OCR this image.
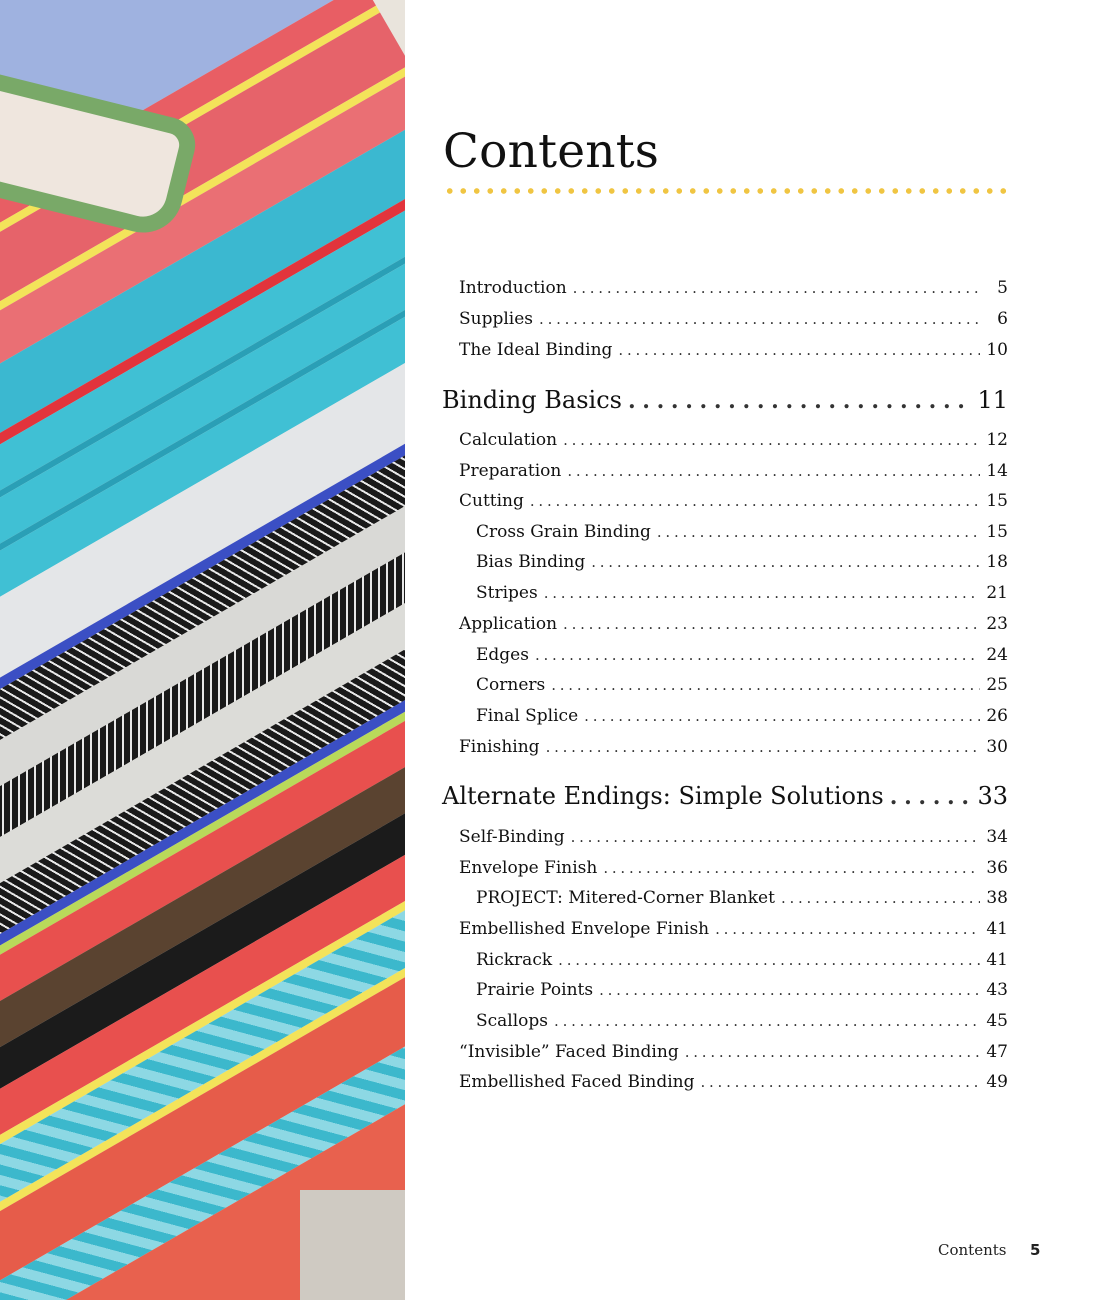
Contents
Introduction . . .	5
Supplies . . .	6
The Ideal Binding . . .	10
Binding Basics . . .	11
Calculation . . .	12
Preparation . . .	14
Cutting . . .	15
Cross Grain Binding . . .	15
Bias Binding . . .	18
Stripes . . .	21
Application . . .	23
Edges . . .	24
Corners . . .	25
Final Splice . . .	26
Finishing . . .	30
Alternate Endings: Simple Solutions . . .	33
Self-Binding . . .	34
Envelope Finish . . .	36
PROJECT: Mitered-Corner Blanket . . .	38
Embellished Envelope Finish . . .	41
Rickrack . . .	41
Prairie Points . . .	43
Scallops . . .	45
“Invisible” Faced Binding . . .	47
Embellished Faced Binding . . .	49
Contents 5
